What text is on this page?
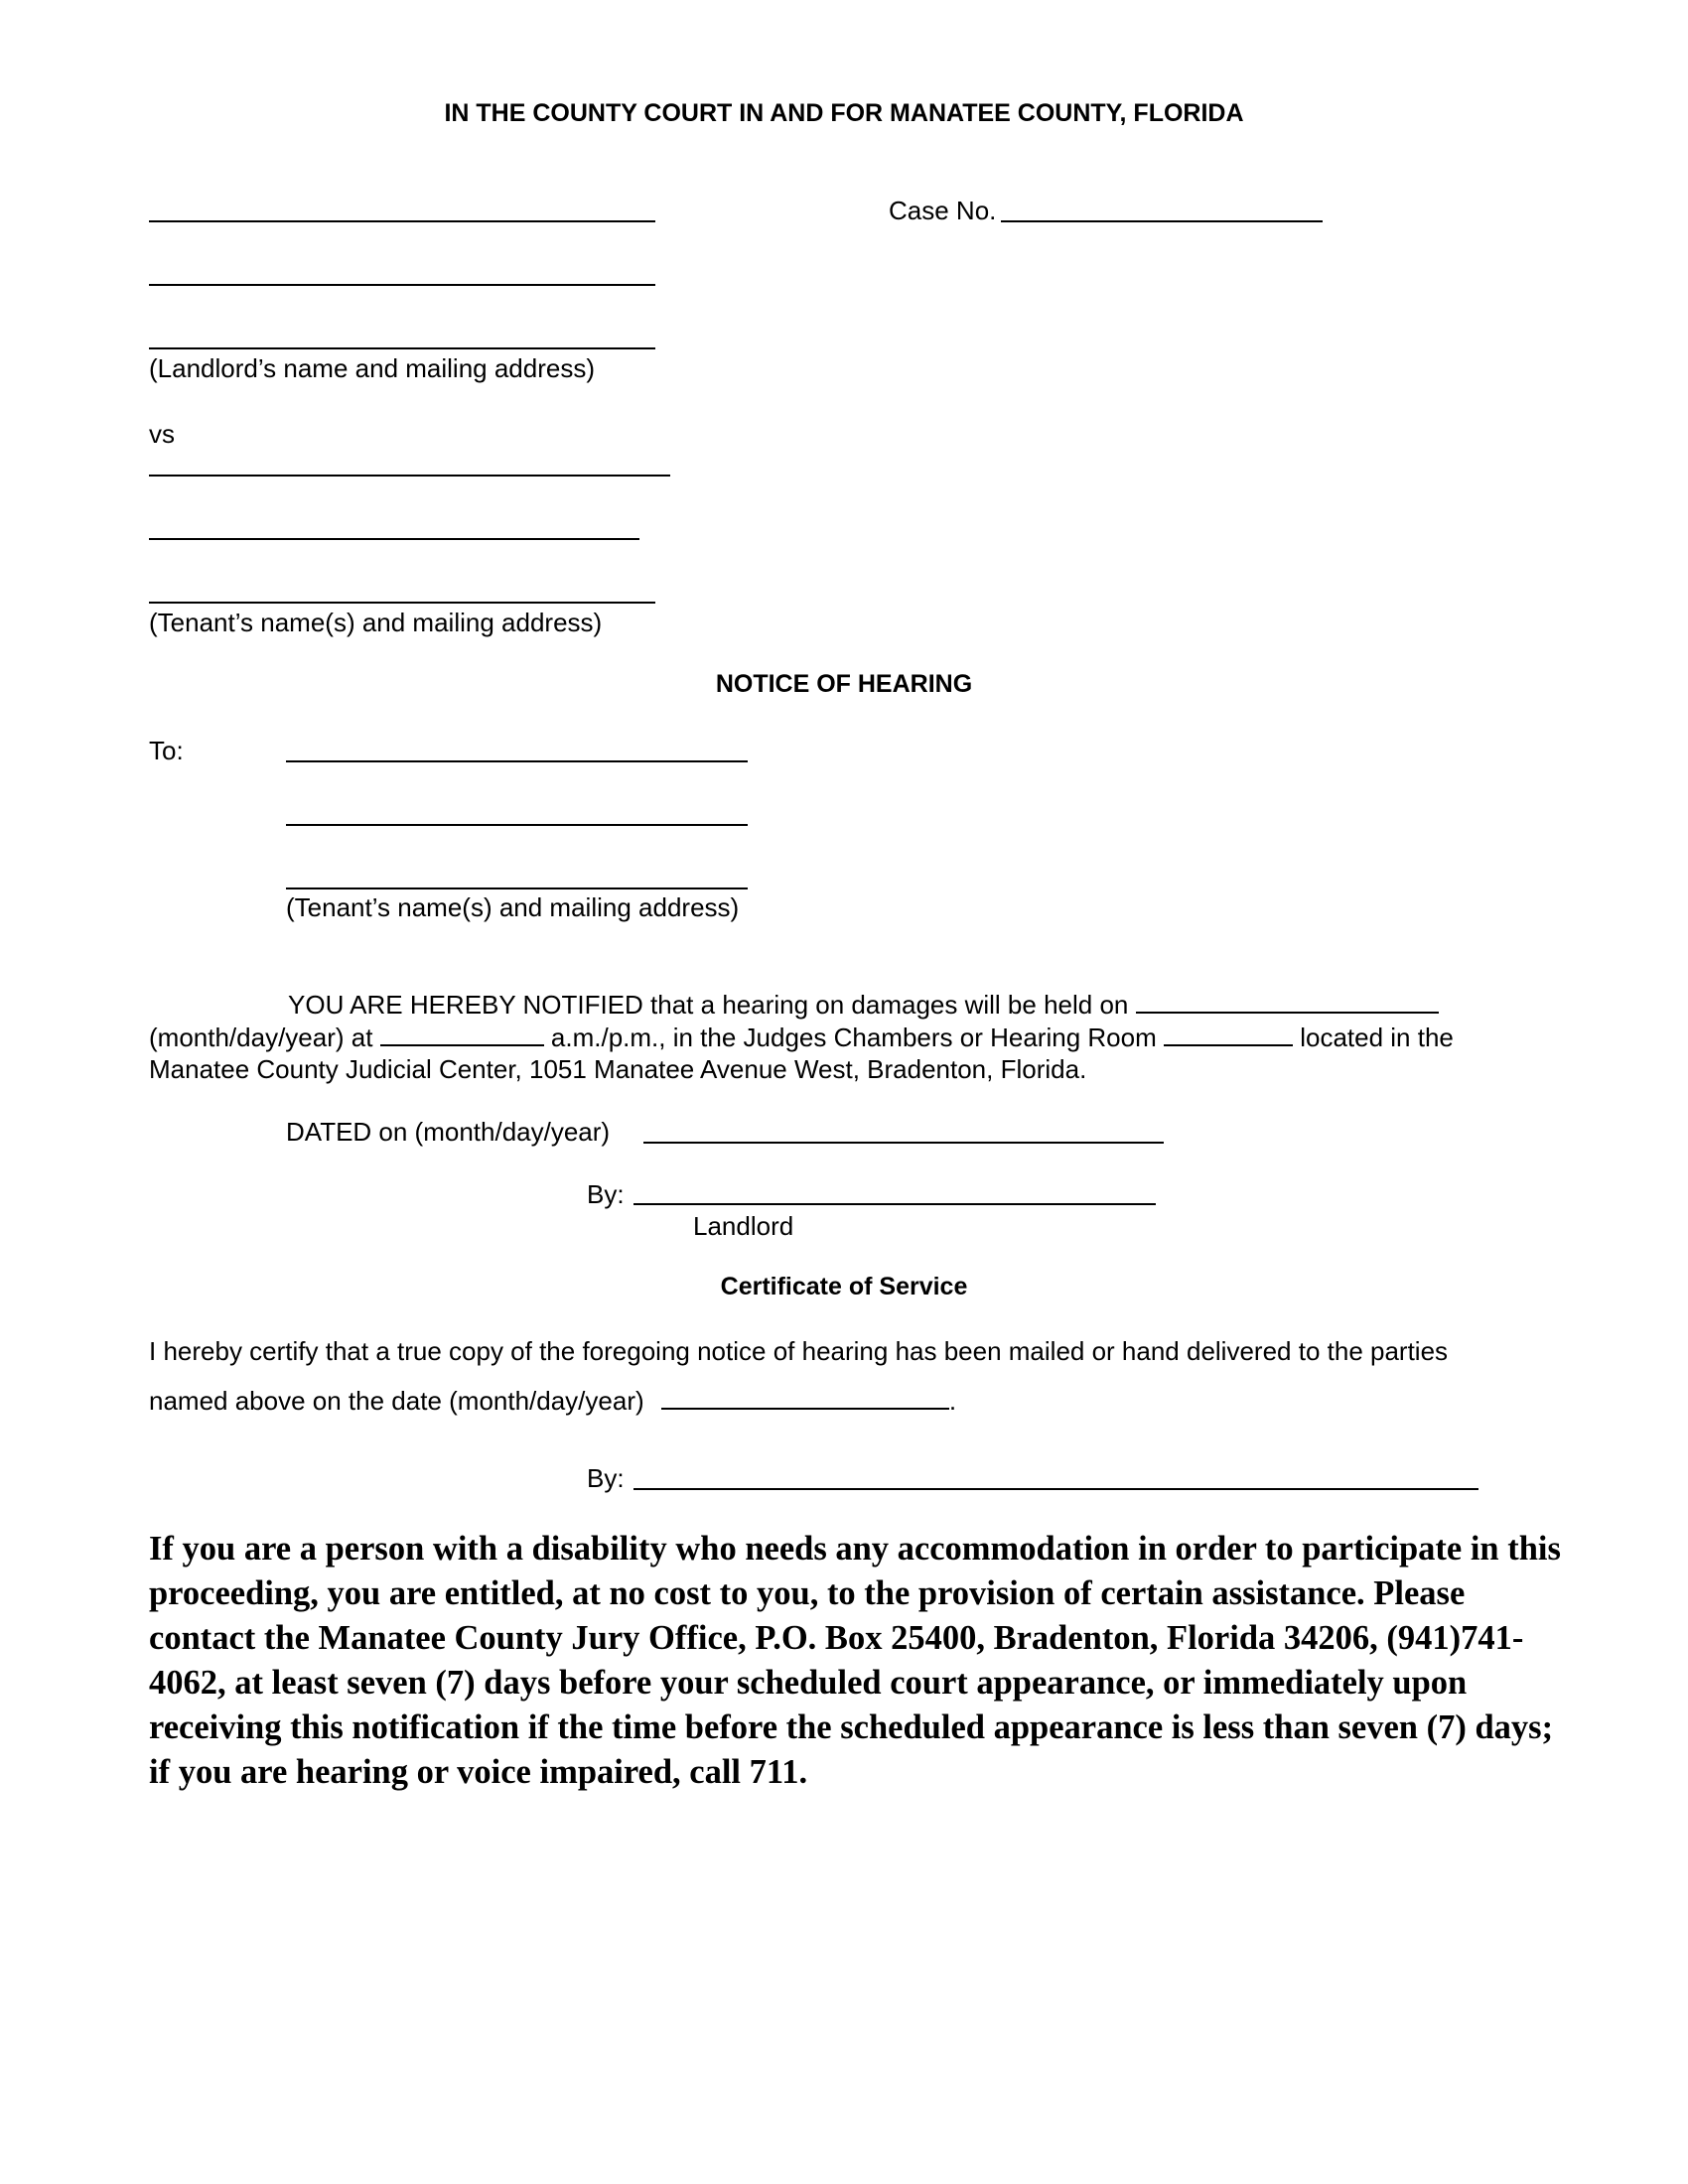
IN THE COUNTY COURT IN AND FOR MANATEE COUNTY, FLORIDA
(Landlord’s name and mailing address)
Case No.
vs
(Tenant’s name(s) and mailing address)
NOTICE OF HEARING
To:
(Tenant’s name(s) and mailing address)
YOU ARE HEREBY NOTIFIED that a hearing on damages will be held on  (month/day/year) at	a.m./p.m., in the Judges Chambers or Hearing Room	located in the Manatee County Judicial Center, 1051 Manatee Avenue West, Bradenton, Florida.
DATED on (month/day/year)
By:
Landlord
Certificate of Service
I hereby certify that a true copy of the foregoing notice of hearing has been mailed or hand delivered to the parties
named above on the date (month/day/year)	.
By:
If you are a person with a disability who needs any accommodation in order to participate in this proceeding, you are entitled, at no cost to you, to the provision of certain assistance. Please contact the Manatee County Jury Office, P.O. Box 25400, Bradenton, Florida 34206, (941)741-4062, at least seven (7) days before your scheduled court appearance, or immediately upon receiving this notification if the time before the scheduled appearance is less than seven (7) days; if you are hearing or voice impaired, call 711.
